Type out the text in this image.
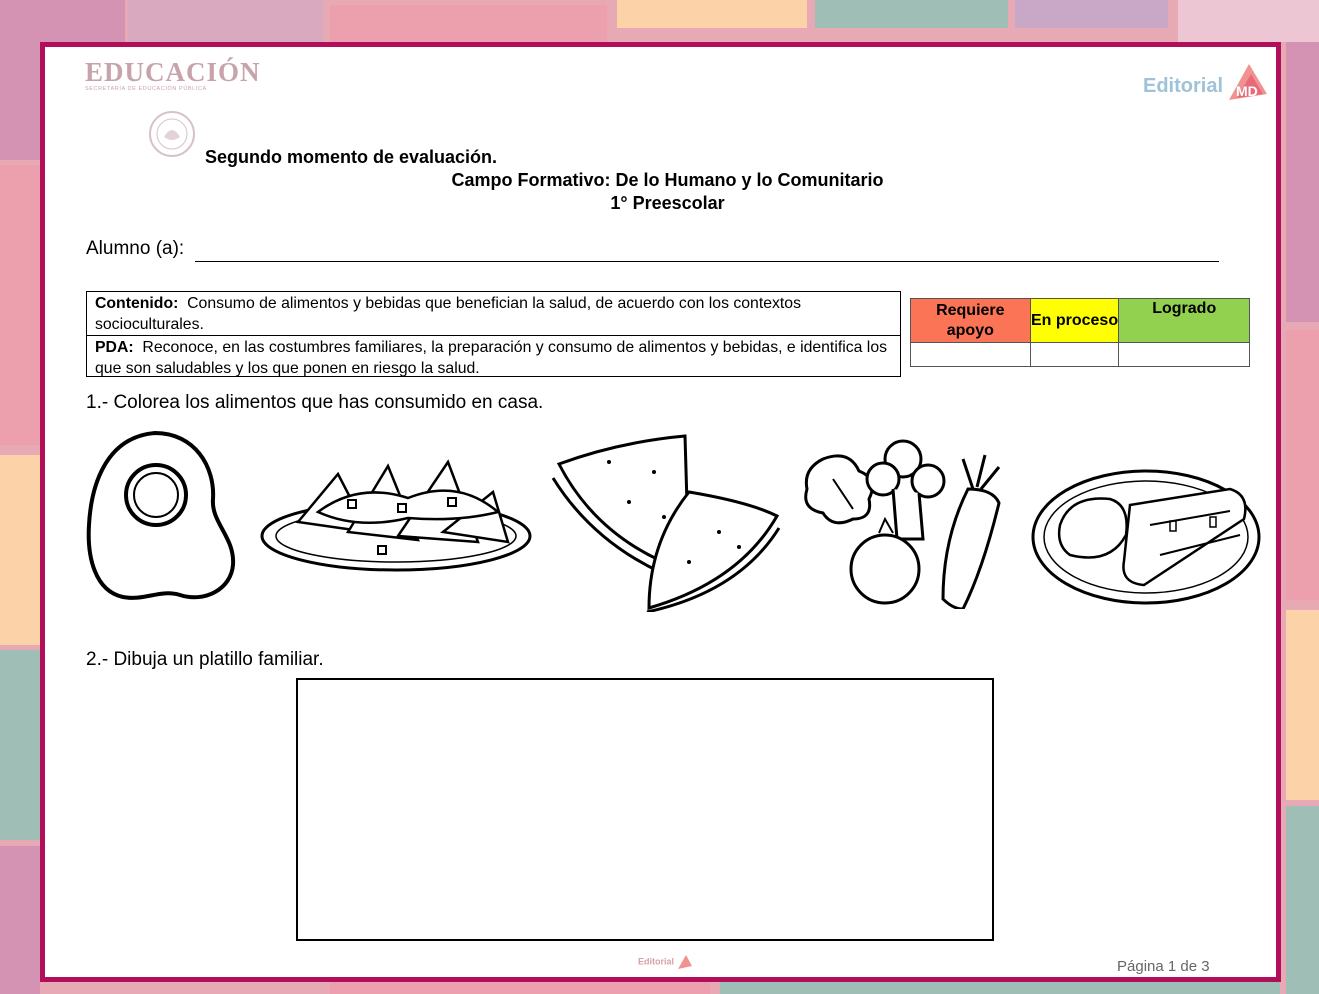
EDUCACIÓN
SECRETARÍA DE EDUCACIÓN PÚBLICA	Editorial MD
Segundo momento de evaluación.
Campo Formativo: De lo Humano y lo Comunitario
1° Preescolar
Alumno (a):
Contenido: Consumo de alimentos y bebidas que benefician la salud, de acuerdo con los contextos socioculturales.
PDA: Reconoce, en las costumbres familiares, la preparación y consumo de alimentos y bebidas, e identifica los que son saludables y los que ponen en riesgo la salud.
Requiere apoyo	En proceso	Logrado

1.- Colorea los alimentos que has consumido en casa.
2.- Dibuja un platillo familiar.
Editorial	Página 1 de 3
